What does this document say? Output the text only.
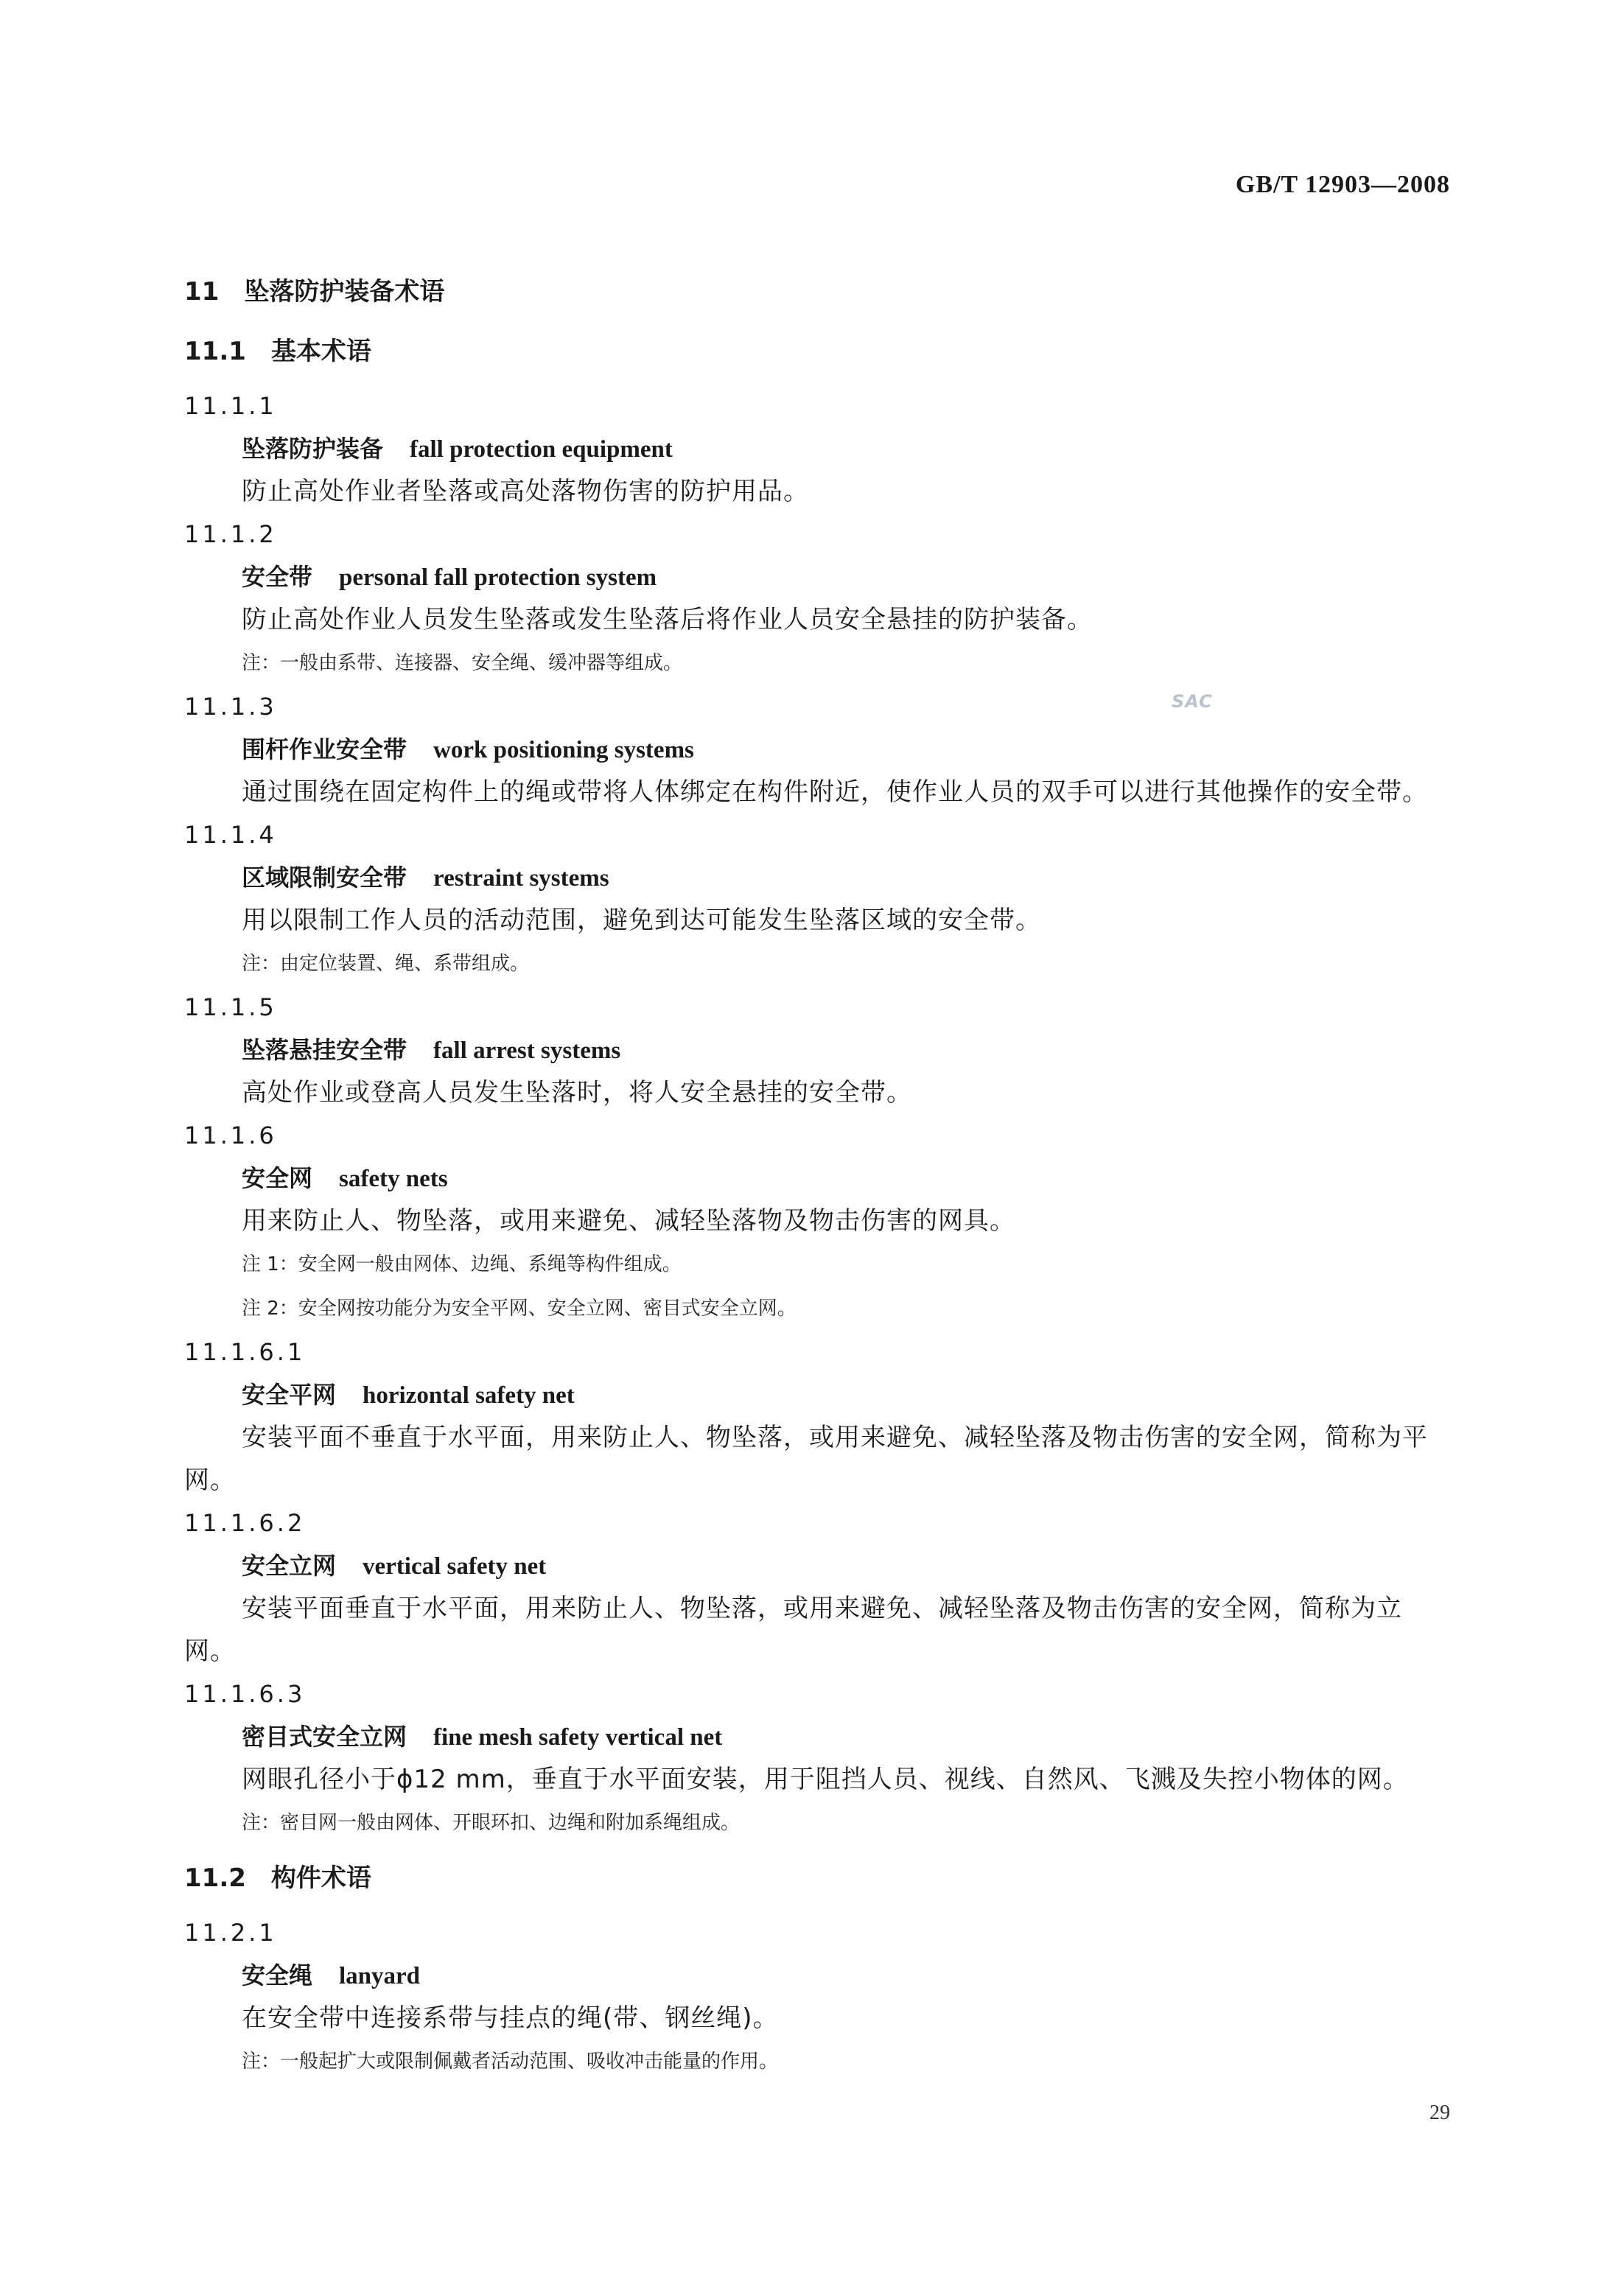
GB/T 12903—2008
SAC
11　坠落防护装备术语
11.1　基本术语
11.1.1
坠落防护装备 fall protection equipment
防止高处作业者坠落或高处落物伤害的防护用品。
11.1.2
安全带 personal fall protection system
防止高处作业人员发生坠落或发生坠落后将作业人员安全悬挂的防护装备。
注：一般由系带、连接器、安全绳、缓冲器等组成。
11.1.3
围杆作业安全带 work positioning systems
通过围绕在固定构件上的绳或带将人体绑定在构件附近，使作业人员的双手可以进行其他操作的安全带。
11.1.4
区域限制安全带 restraint systems
用以限制工作人员的活动范围，避免到达可能发生坠落区域的安全带。
注：由定位装置、绳、系带组成。
11.1.5
坠落悬挂安全带 fall arrest systems
高处作业或登高人员发生坠落时，将人安全悬挂的安全带。
11.1.6
安全网 safety nets
用来防止人、物坠落，或用来避免、减轻坠落物及物击伤害的网具。
注 1：安全网一般由网体、边绳、系绳等构件组成。
注 2：安全网按功能分为安全平网、安全立网、密目式安全立网。
11.1.6.1
安全平网 horizontal safety net
安装平面不垂直于水平面，用来防止人、物坠落，或用来避免、减轻坠落及物击伤害的安全网，简称为平网。
11.1.6.2
安全立网 vertical safety net
安装平面垂直于水平面，用来防止人、物坠落，或用来避免、减轻坠落及物击伤害的安全网，简称为立网。
11.1.6.3
密目式安全立网 fine mesh safety vertical net
网眼孔径小于ϕ12 mm，垂直于水平面安装，用于阻挡人员、视线、自然风、飞溅及失控小物体的网。
注：密目网一般由网体、开眼环扣、边绳和附加系绳组成。
11.2　构件术语
11.2.1
安全绳 lanyard
在安全带中连接系带与挂点的绳(带、钢丝绳)。
注：一般起扩大或限制佩戴者活动范围、吸收冲击能量的作用。
29
